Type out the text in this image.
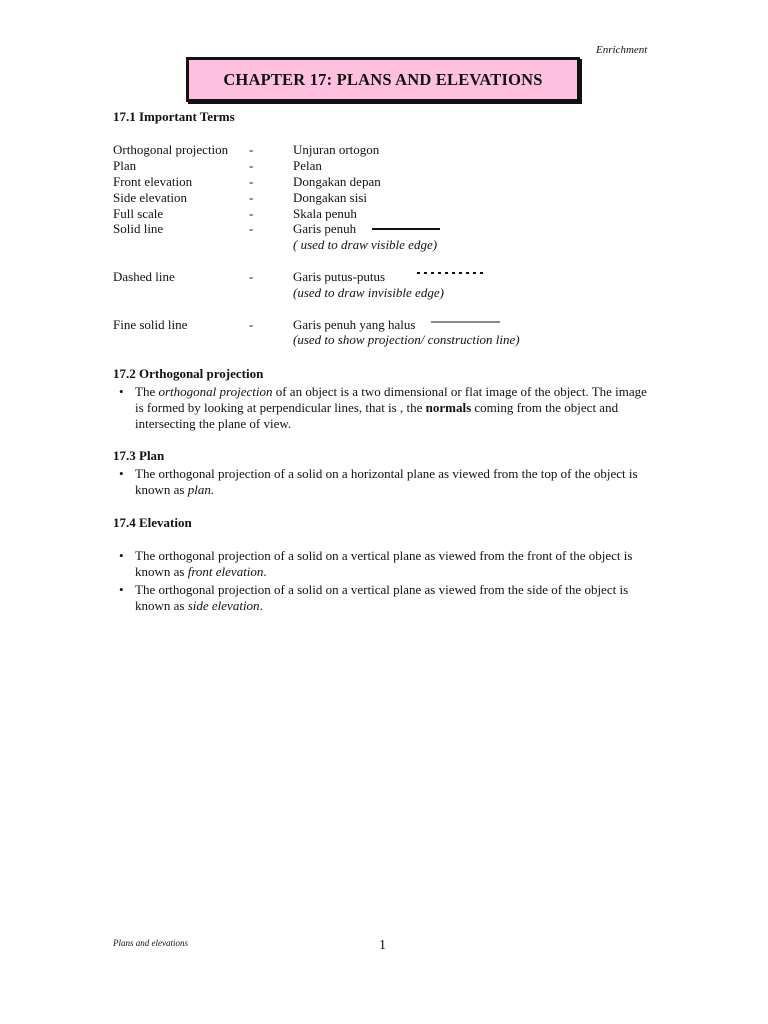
Enrichment
CHAPTER 17: PLANS AND ELEVATIONS
17.1 Important Terms
Orthogonal projection -	Unjuran ortogon
Plan	-	Pelan
Front elevation	-	Dongakan depan
Side elevation	-	Dongakan sisi
Full scale	-	Skala penuh
Solid line	-	Garis penuh
( used to draw visible edge)
Dashed line	-	Garis putus-putus
(used to draw invisible edge)
Fine solid line	-	Garis penuh yang halus
(used to show projection/ construction line)
17.2 Orthogonal projection
• The orthogonal projection of an object is a two dimensional or flat image of the object. The image is formed by looking at perpendicular lines, that is , the normals coming from the object and intersecting the plane of view.
17.3 Plan
• The orthogonal projection of a solid on a horizontal plane as viewed from the top of the object is known as plan.
17.4 Elevation
• The orthogonal projection of a solid on a vertical plane as viewed from the front of the object is known as front elevation.
• The orthogonal projection of a solid on a vertical plane as viewed from the side of the object is known as side elevation.
Plans and elevations	1
